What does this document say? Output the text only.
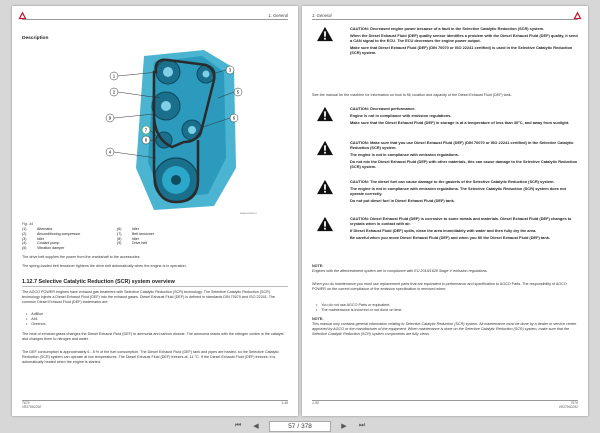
1. General
Description
1
2
9
4
3
5
6
7
8
EHA0018869001
Fig. 44
(1)	Alternator	(6)	Idler
(2)	Airconditioning compressor	(7)	Belt tensioner
(3)	Idler	(8)	Idler
(4)	Coolant pump	(9)	Drive belt
(5)	Vibration damper
The drive belt supplies the power from the crankshaft to the accessories.
The spring-loaded belt tensioner tightens the drive belt automatically when the engine is in operation.
1.12.7 Selective Catalytic Reduction (SCR) system overview
The AGCO POWER engines have exhaust gas treatment with Selective Catalytic Reduction (SCR) technology. The Selective Catalytic Reduction (SCR) technology injects a Diesel Exhaust Fluid (DEF) into the exhaust gases. Diesel Exhaust Fluid (DEF) is defined in standards DIN 70070 and ISO 22241. The common Diesel Exhaust Fluid (DEF) trademarks are:
• AdBlue
• Air1
• Greenox.
The heat of exhaust gases changes the Diesel Exhaust Fluid (DEF) to ammonia and carbon dioxide. The ammonia reacts with the nitrogen oxides in the catalyst and changes them to nitrogen and water.
The DEF consumption is approximately 6 - 8 % of the fuel consumption. The Diesel Exhaust Fluid (DEF) tank and pipes are heated, so the Selective Catalytic Reduction (SCR) system can operate at low temperatures. The Diesel Exhaust Fluid (DEF) freezes at -11 °C. If the Diesel Exhaust Fluid (DEF) freezes, it is automatically heated when the engine is started.
7676
V837992292
1-49
1. General

CAUTION: Decreased engine power because of a fault in the Selective Catalytic Reduction (SCR) system.

When the Diesel Exhaust Fluid (DEF) quality sensor identifies a problem with the Diesel Exhaust Fluid (DEF) quality, it send a CAN signal to the ECU. The ECU decreases the engine power output.

Make sure that Diesel Exhaust Fluid (DEF) (DIN 70070 or ISO 22241 certified) is used in the Selective Catalytic Reduction (SCR) system.

See the manual for the machine for information on how to fill, location and capacity of the Diesel Exhaust Fluid (DEF) tank.

CAUTION: Decreased performance.

Engine is not in compliance with emission regulations.

Make sure that the Diesel Exhaust Fluid (DEF) in storage is at a temperature of less than 30°C, and away from sunlight.

CAUTION: Make sure that you use Diesel Exhaust Fluid (DEF) (DIN 70070 or ISO 22241 certified) in the Selective Catalytic Reduction (SCR) system.

The engine is not in compliance with emission regulations.

Do not mix the Diesel Exhaust Fluid (DEF) with other materials, this can cause damage to the Selective Catalytic Reduction (SCR) system.

CAUTION: The diesel fuel can cause damage to the gaskets of the Selective Catalytic Reduction (SCR) system.

The engine is not in compliance with emission regulations. The Selective Catalytic Reduction (SCR) system does not operate correctly.

Do not put diesel fuel in Diesel Exhaust Fluid (DEF) tank.

CAUTION: Diesel Exhaust Fluid (DEF) is corrosive to some metals and materials. Diesel Exhaust Fluid (DEF) changes to crystals when in contact with air.

If Diesel Exhaust Fluid (DEF) spills, clean the area immediately with water and then fully dry the area.

Be careful when you move Diesel Exhaust Fluid (DEF) and when you fill the Diesel Exhaust Fluid (DEF) tank.

NOTE:
Engines with the aftertreatment system are in compliance with EU 2016/1628 Stage V emission regulations.
When you do maintenance you must use replacement parts that are equivalent in performance and specification to AGCO Parts. The responsibility of AGCO POWER on the correct compliance of the emission specification is removed when:
• You do not use AGCO Parts or equivalent.
• The maintenance is incorrect or not done on time.
NOTE:
This manual only contains general information relating to Selective Catalytic Reduction (SCR) system. All maintenance must be done by a dealer or service center approved by AGCO or the manufacturer of the equipment. When maintenance is done on the Selective Catalytic Reduction (SCR) system, make sure that the Selective Catalytic Reduction (SCR) system components are fully clean.
1-50	7676
V837992292
⏮	◀	57 / 378	▶	⏭
